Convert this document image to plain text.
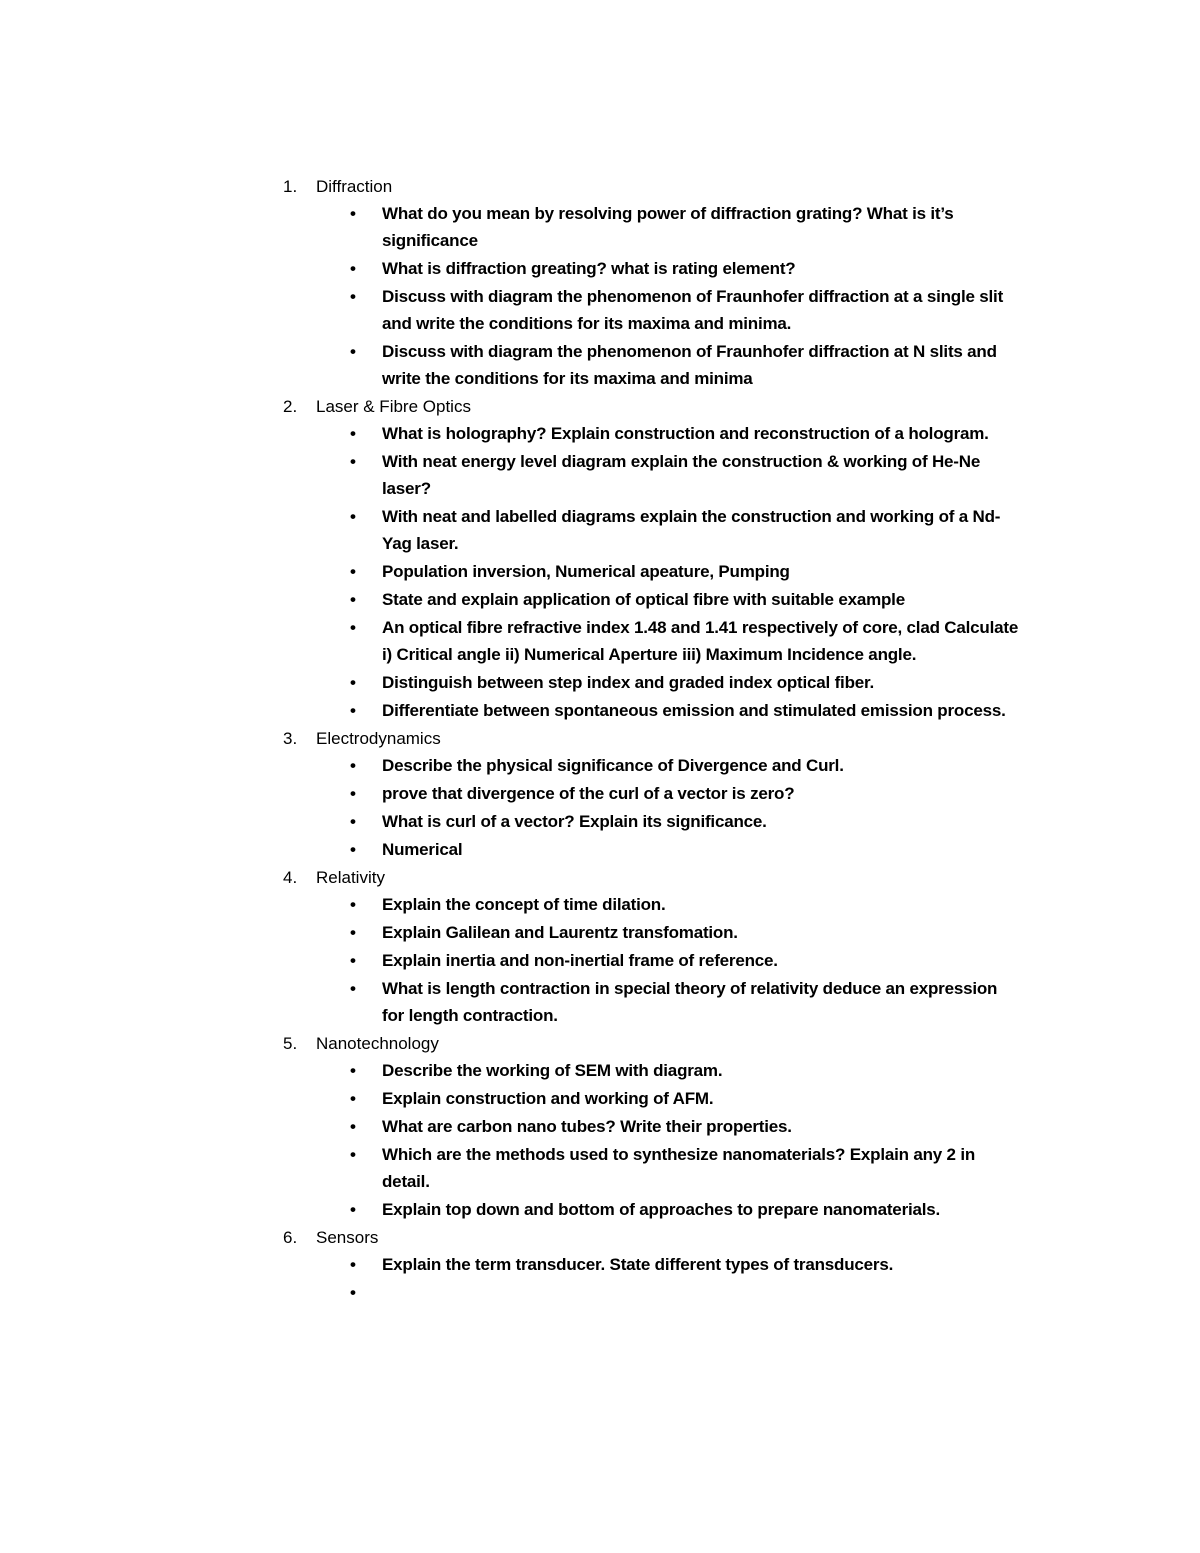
1. Diffraction
• What do you mean by resolving power of diffraction grating? What is it’s significance
• What is diffraction greating? what is rating element?
• Discuss with diagram the phenomenon of Fraunhofer diffraction at a single slit and write the conditions for its maxima and minima.
• Discuss with diagram the phenomenon of Fraunhofer diffraction at N slits and write the conditions for its maxima and minima
2. Laser & Fibre Optics
• What is holography? Explain construction and reconstruction of a hologram.
• With neat energy level diagram explain the construction & working of He-Ne laser?
• With neat and labelled diagrams explain the construction and working of a Nd-Yag laser.
• Population inversion, Numerical apeature, Pumping
• State and explain application of optical fibre with suitable example
• An optical fibre refractive index 1.48 and 1.41 respectively of core, clad Calculate i) Critical angle ii) Numerical Aperture iii) Maximum Incidence angle.
• Distinguish between step index and graded index optical fiber.
• Differentiate between spontaneous emission and stimulated emission process.
3. Electrodynamics
• Describe the physical significance of Divergence and Curl.
• prove that divergence of the curl of a vector is zero?
• What is curl of a vector? Explain its significance.
• Numerical
4. Relativity
• Explain the concept of time dilation.
• Explain Galilean and Laurentz transfomation.
• Explain inertia and non-inertial frame of reference.
• What is length contraction in special theory of relativity deduce an expression for length contraction.
5. Nanotechnology
• Describe the working of SEM with diagram.
• Explain construction and working of AFM.
• What are carbon nano tubes? Write their properties.
• Which are the methods used to synthesize nanomaterials? Explain any 2 in detail.
• Explain top down and bottom of approaches to prepare nanomaterials.
6. Sensors
• Explain the term transducer. State different types of transducers.
•
